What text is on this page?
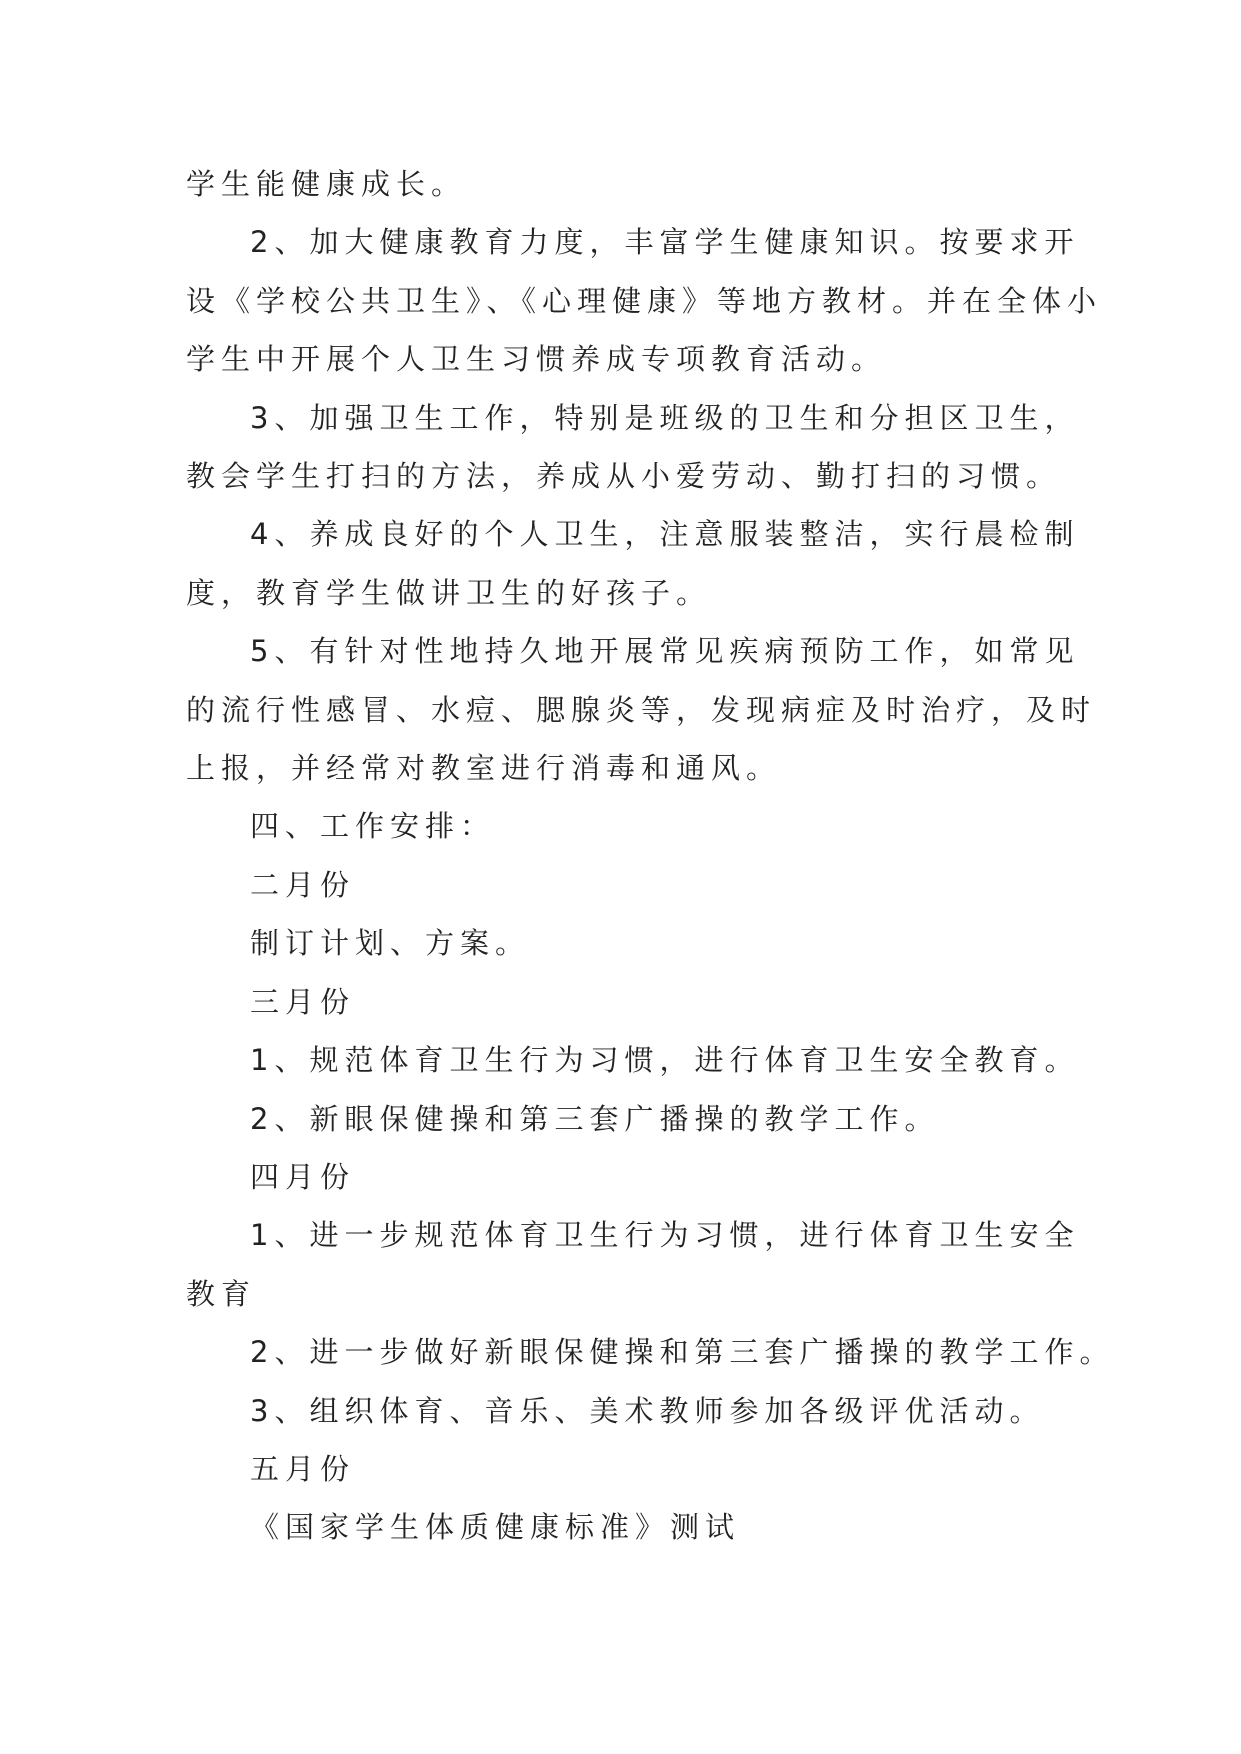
学生能健康成长。
2、加大健康教育力度，丰富学生健康知识。按要求开
设《学校公共卫生》、《心理健康》等地方教材。并在全体小
学生中开展个人卫生习惯养成专项教育活动。
3、加强卫生工作，特别是班级的卫生和分担区卫生，
教会学生打扫的方法，养成从小爱劳动、勤打扫的习惯。
4、养成良好的个人卫生，注意服装整洁，实行晨检制
度，教育学生做讲卫生的好孩子。
5、有针对性地持久地开展常见疾病预防工作，如常见
的流行性感冒、水痘、腮腺炎等，发现病症及时治疗，及时
上报，并经常对教室进行消毒和通风。
四、工作安排：
二月份
制订计划、方案。
三月份
1、规范体育卫生行为习惯，进行体育卫生安全教育。
2、新眼保健操和第三套广播操的教学工作。
四月份
1、进一步规范体育卫生行为习惯，进行体育卫生安全
教育
2、进一步做好新眼保健操和第三套广播操的教学工作。
3、组织体育、音乐、美术教师参加各级评优活动。
五月份
《国家学生体质健康标准》测试
